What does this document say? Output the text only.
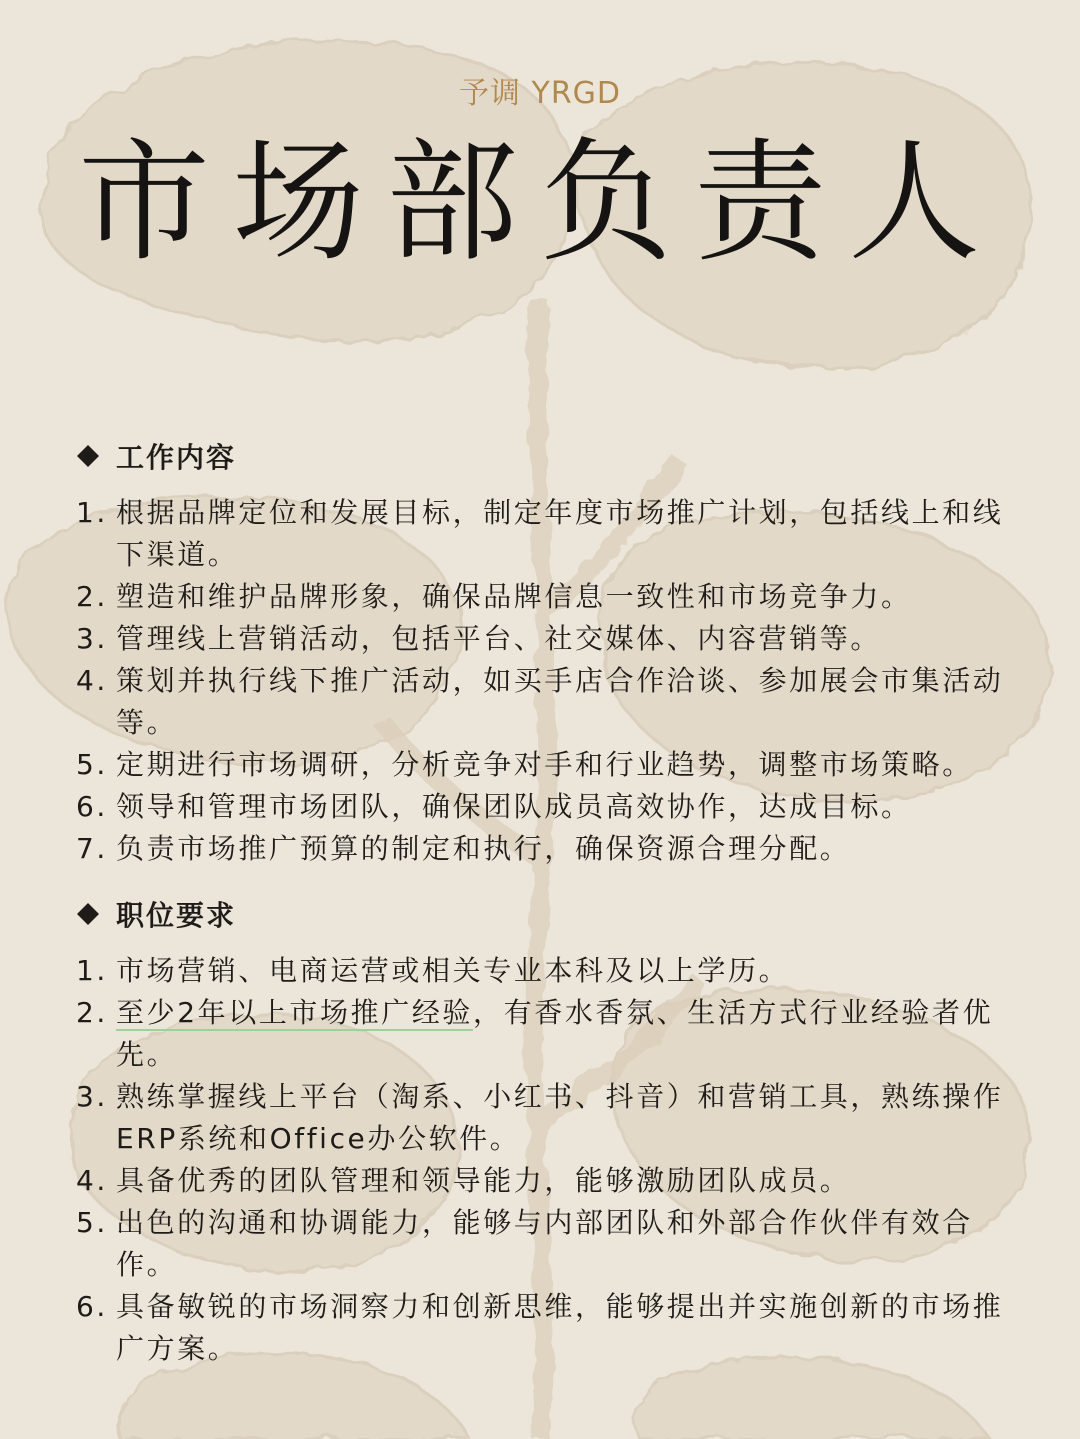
予调 YRGD
市场部负责人
工作内容
1. 根据品牌定位和发展目标，制定年度市场推广计划，包括线上和线下渠道。
2. 塑造和维护品牌形象，确保品牌信息一致性和市场竞争力。
3. 管理线上营销活动，包括平台、社交媒体、内容营销等。
4. 策划并执行线下推广活动，如买手店合作洽谈、参加展会市集活动等。
5. 定期进行市场调研，分析竞争对手和行业趋势，调整市场策略。
6. 领导和管理市场团队，确保团队成员高效协作，达成目标。
7. 负责市场推广预算的制定和执行，确保资源合理分配。
职位要求
1. 市场营销、电商运营或相关专业本科及以上学历。
2. 至少2年以上市场推广经验，有香水香氛、生活方式行业经验者优先。
3. 熟练掌握线上平台（淘系、小红书、抖音）和营销工具，熟练操作ERP系统和Office办公软件。
4. 具备优秀的团队管理和领导能力，能够激励团队成员。
5. 出色的沟通和协调能力，能够与内部团队和外部合作伙伴有效合作。
6. 具备敏锐的市场洞察力和创新思维，能够提出并实施创新的市场推广方案。
